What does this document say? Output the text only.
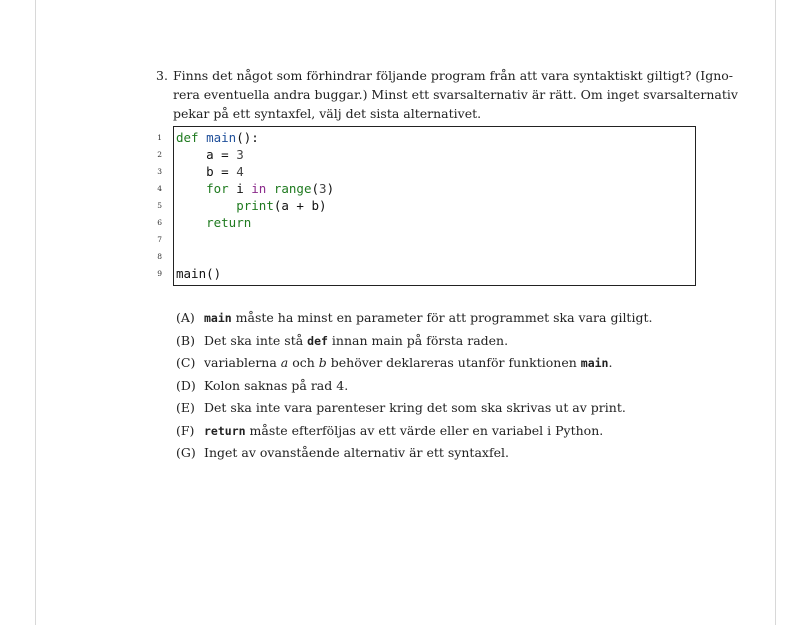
3. Finns det något som förhindrar följande program från att vara syntaktiskt giltigt? (Igno-
rera eventuella andra buggar.) Minst ett svarsalternativ är rätt. Om inget svarsalternativ
pekar på ett syntaxfel, välj det sista alternativet.
1
2
3
4
5
6
7
8
9
def main():
a = 3
b = 4
for i in range(3)
print(a + b)
return
main()
(A) main måste ha minst en parameter för att programmet ska vara giltigt.
(B) Det ska inte stå def innan main på första raden.
(C) variablerna a och b behöver deklareras utanför funktionen main.
(D) Kolon saknas på rad 4.
(E) Det ska inte vara parenteser kring det som ska skrivas ut av print.
(F) return måste efterföljas av ett värde eller en variabel i Python.
(G) Inget av ovanstående alternativ är ett syntaxfel.
